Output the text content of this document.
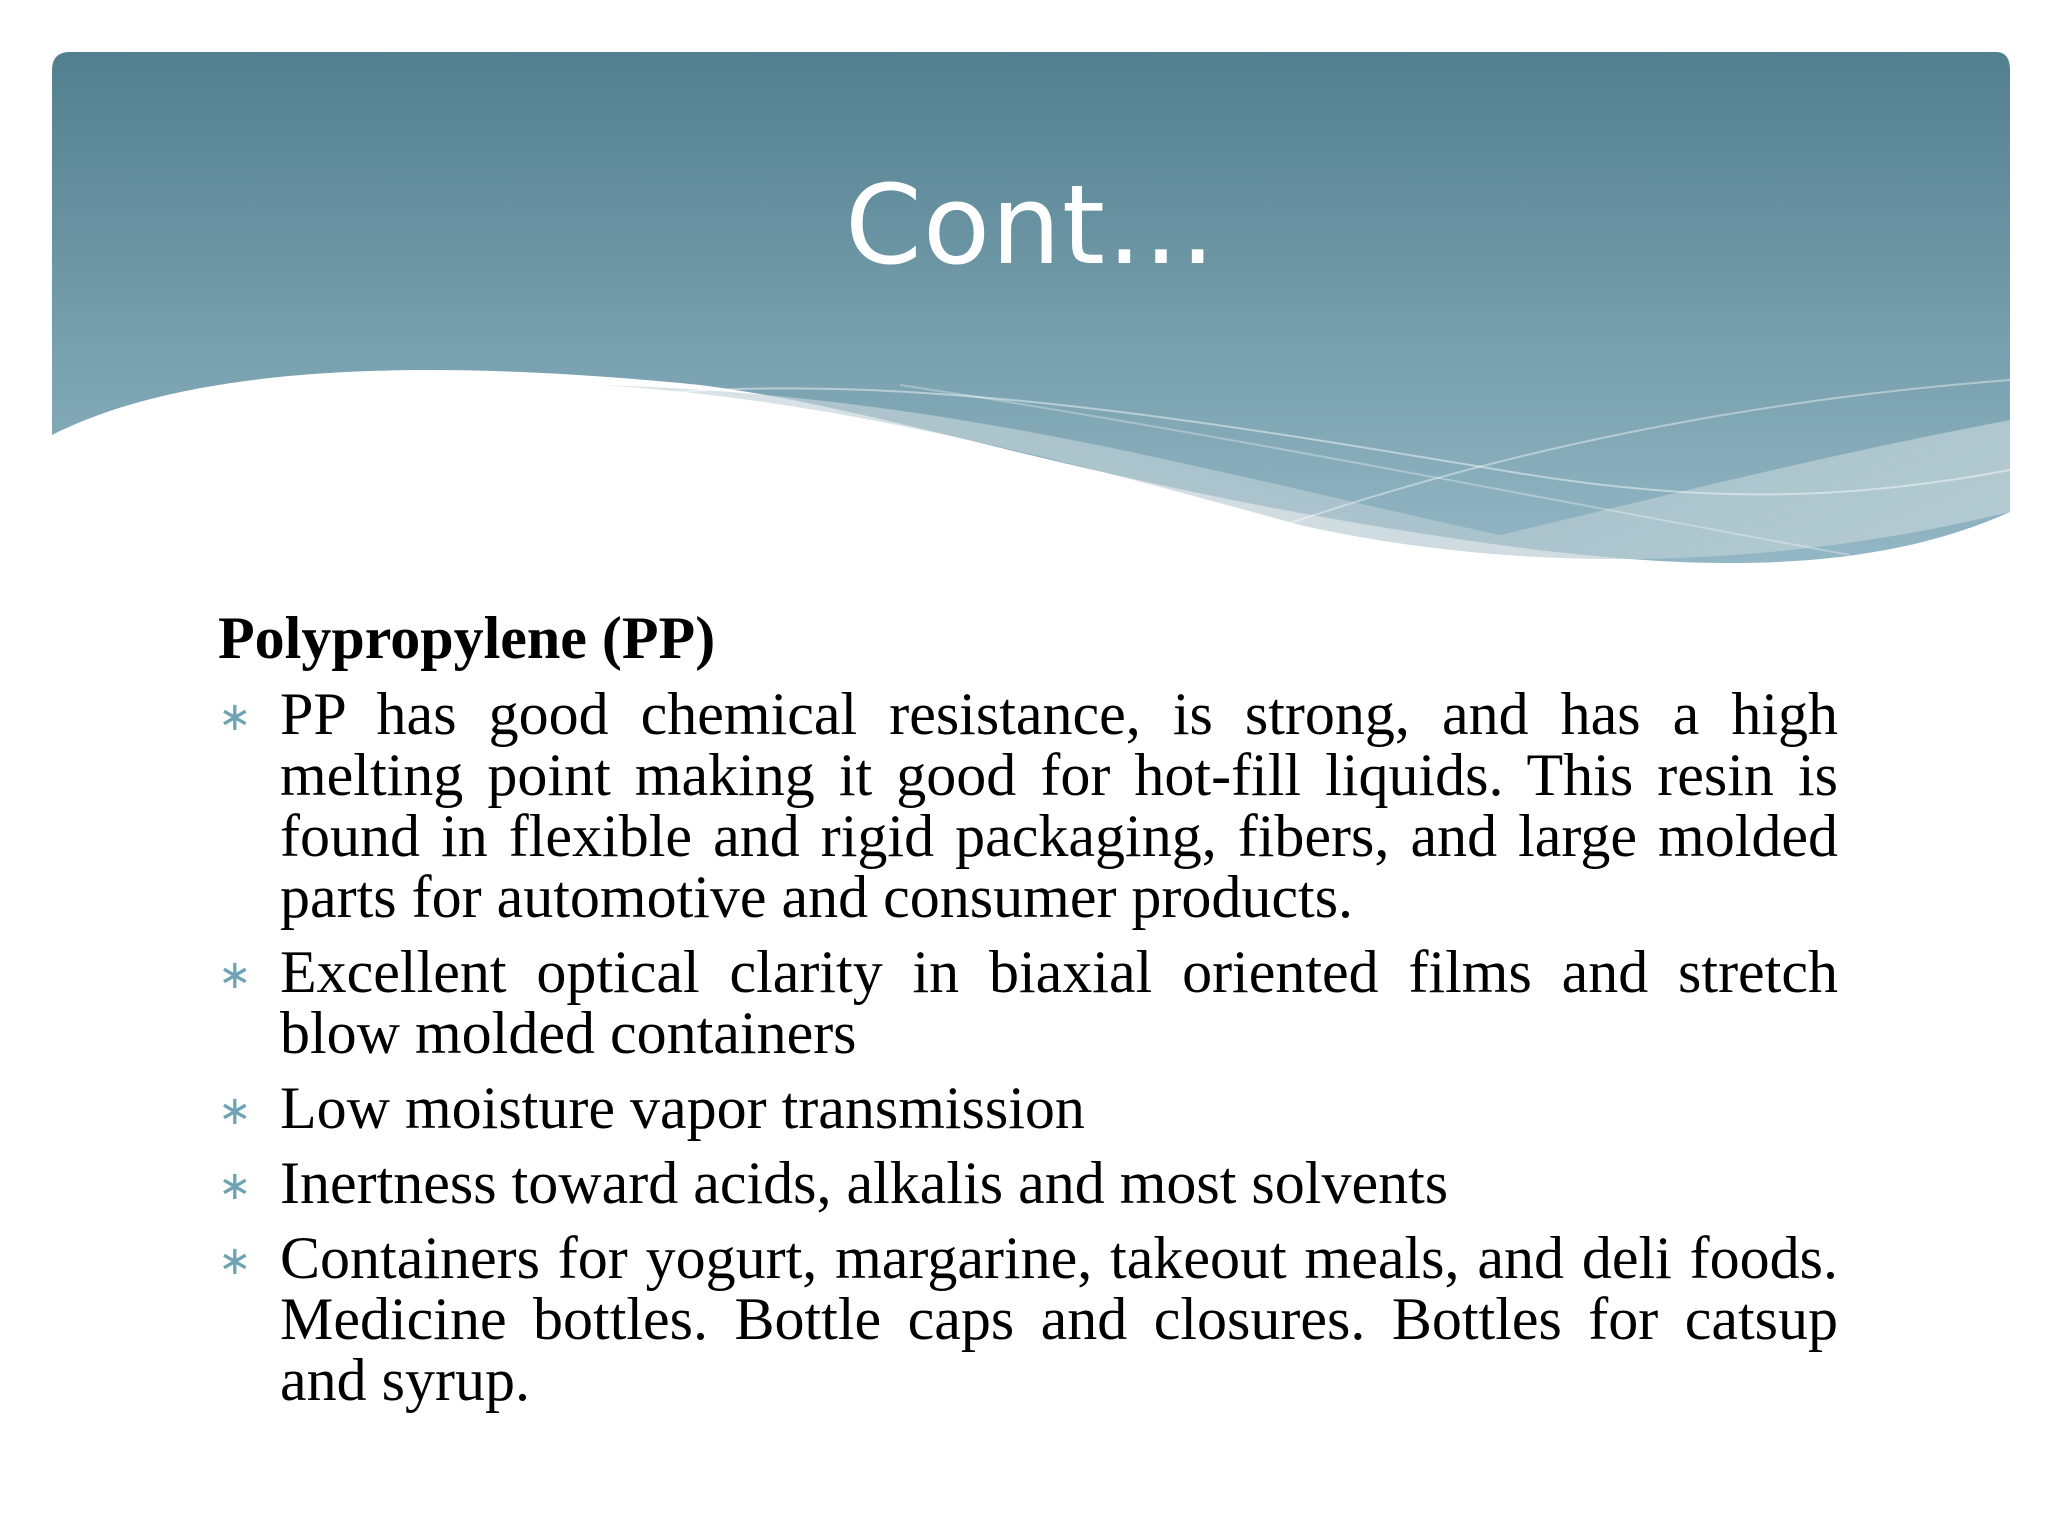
Cont…
Polypropylene (PP)
∗ PP has good chemical resistance, is strong, and has a high melting point making it good for hot-fill liquids. This resin is found in flexible and rigid packaging, fibers, and large molded parts for automotive and consumer products.
∗ Excellent optical clarity in biaxial oriented films and stretch blow molded containers
∗ Low moisture vapor transmission
∗ Inertness toward acids, alkalis and most solvents
∗ Containers for yogurt, margarine, takeout meals, and deli foods. Medicine bottles. Bottle caps and closures. Bottles for catsup and syrup.
